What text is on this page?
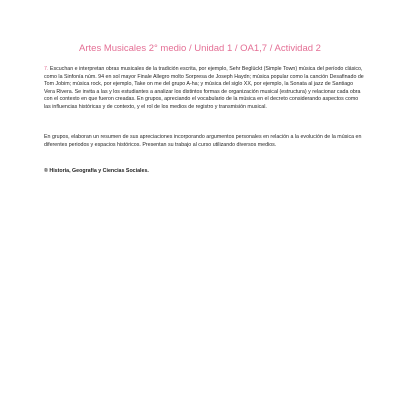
Artes Musicales 2° medio / Unidad 1 / OA1,7 / Actividad 2

7. Escuchan e interpretan obras musicales de la tradición escrita, por ejemplo, Sehr Beglückt (Simple Town) música del período clásico, como la Sinfonía núm. 94 en sol mayor Finale Allegro molto Sorpresa de Joseph Haydn; música popular como la canción Desafinado de Tom Jobim; música rock, por ejemplo, Take on me del grupo A-ha; y música del siglo XX, por ejemplo, la Sonata al jazz de Santiago Vera Rivera. Se invita a las y los estudiantes a analizar los distintos formas de organización musical (estructura) y relacionar cada obra con el contexto en que fueron creadas. En grupos, apreciando el vocabulario de la música en el decreto considerando aspectos como las influencias históricas y de contexto, y el rol de los medios de registro y transmisión musical.

En grupos, elaboran un resumen de sus apreciaciones incorporando argumentos personales en relación a la evolución de la música en diferentes periodos y espacios históricos. Presentan su trabajo al curso utilizando diversos medios.

® Historia, Geografía y Ciencias Sociales.
